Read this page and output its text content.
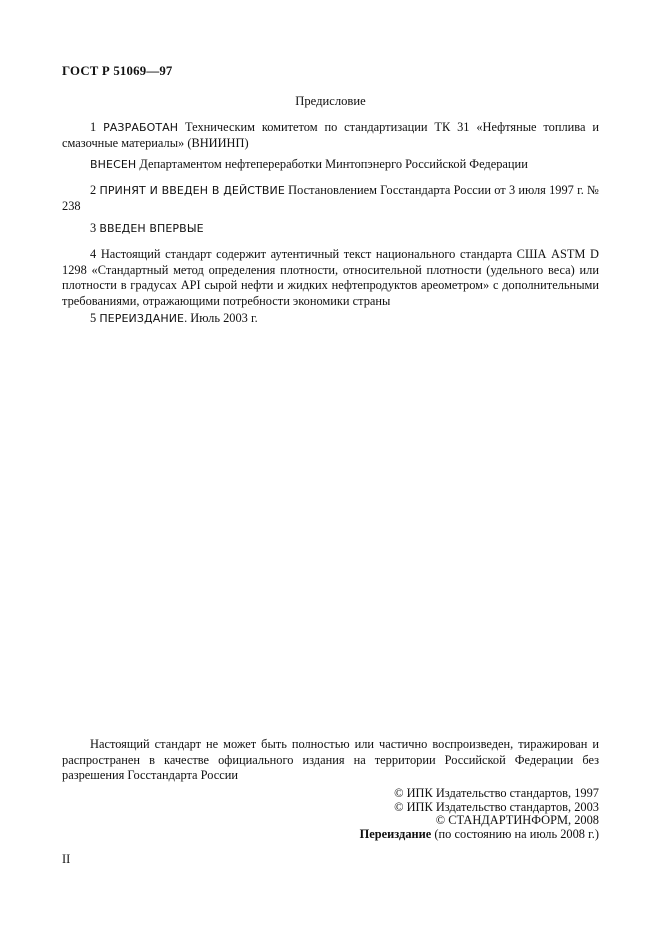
ГОСТ Р 51069—97
Предисловие
1 РАЗРАБОТАН Техническим комитетом по стандартизации ТК 31 «Нефтяные топлива и смазочные материалы» (ВНИИНП)
ВНЕСЕН Департаментом нефтепереработки Минтопэнерго Российской Федерации
2 ПРИНЯТ И ВВЕДЕН В ДЕЙСТВИЕ Постановлением Госстандарта России от 3 июля 1997 г. № 238
3 ВВЕДЕН ВПЕРВЫЕ
4 Настоящий стандарт содержит аутентичный текст национального стандарта США ASTM D 1298 «Стандартный метод определения плотности, относительной плотности (удельного веса) или плотности в градусах API сырой нефти и жидких нефтепродуктов ареометром» с дополнительными требованиями, отражающими потребности экономики страны
5 ПЕРЕИЗДАНИЕ. Июль 2003 г.
Настоящий стандарт не может быть полностью или частично воспроизведен, тиражирован и распространен в качестве официального издания на территории Российской Федерации без разрешения Госстандарта России
© ИПК Издательство стандартов, 1997
© ИПК Издательство стандартов, 2003
© СТАНДАРТИНФОРМ, 2008
Переиздание (по состоянию на июль 2008 г.)
II
